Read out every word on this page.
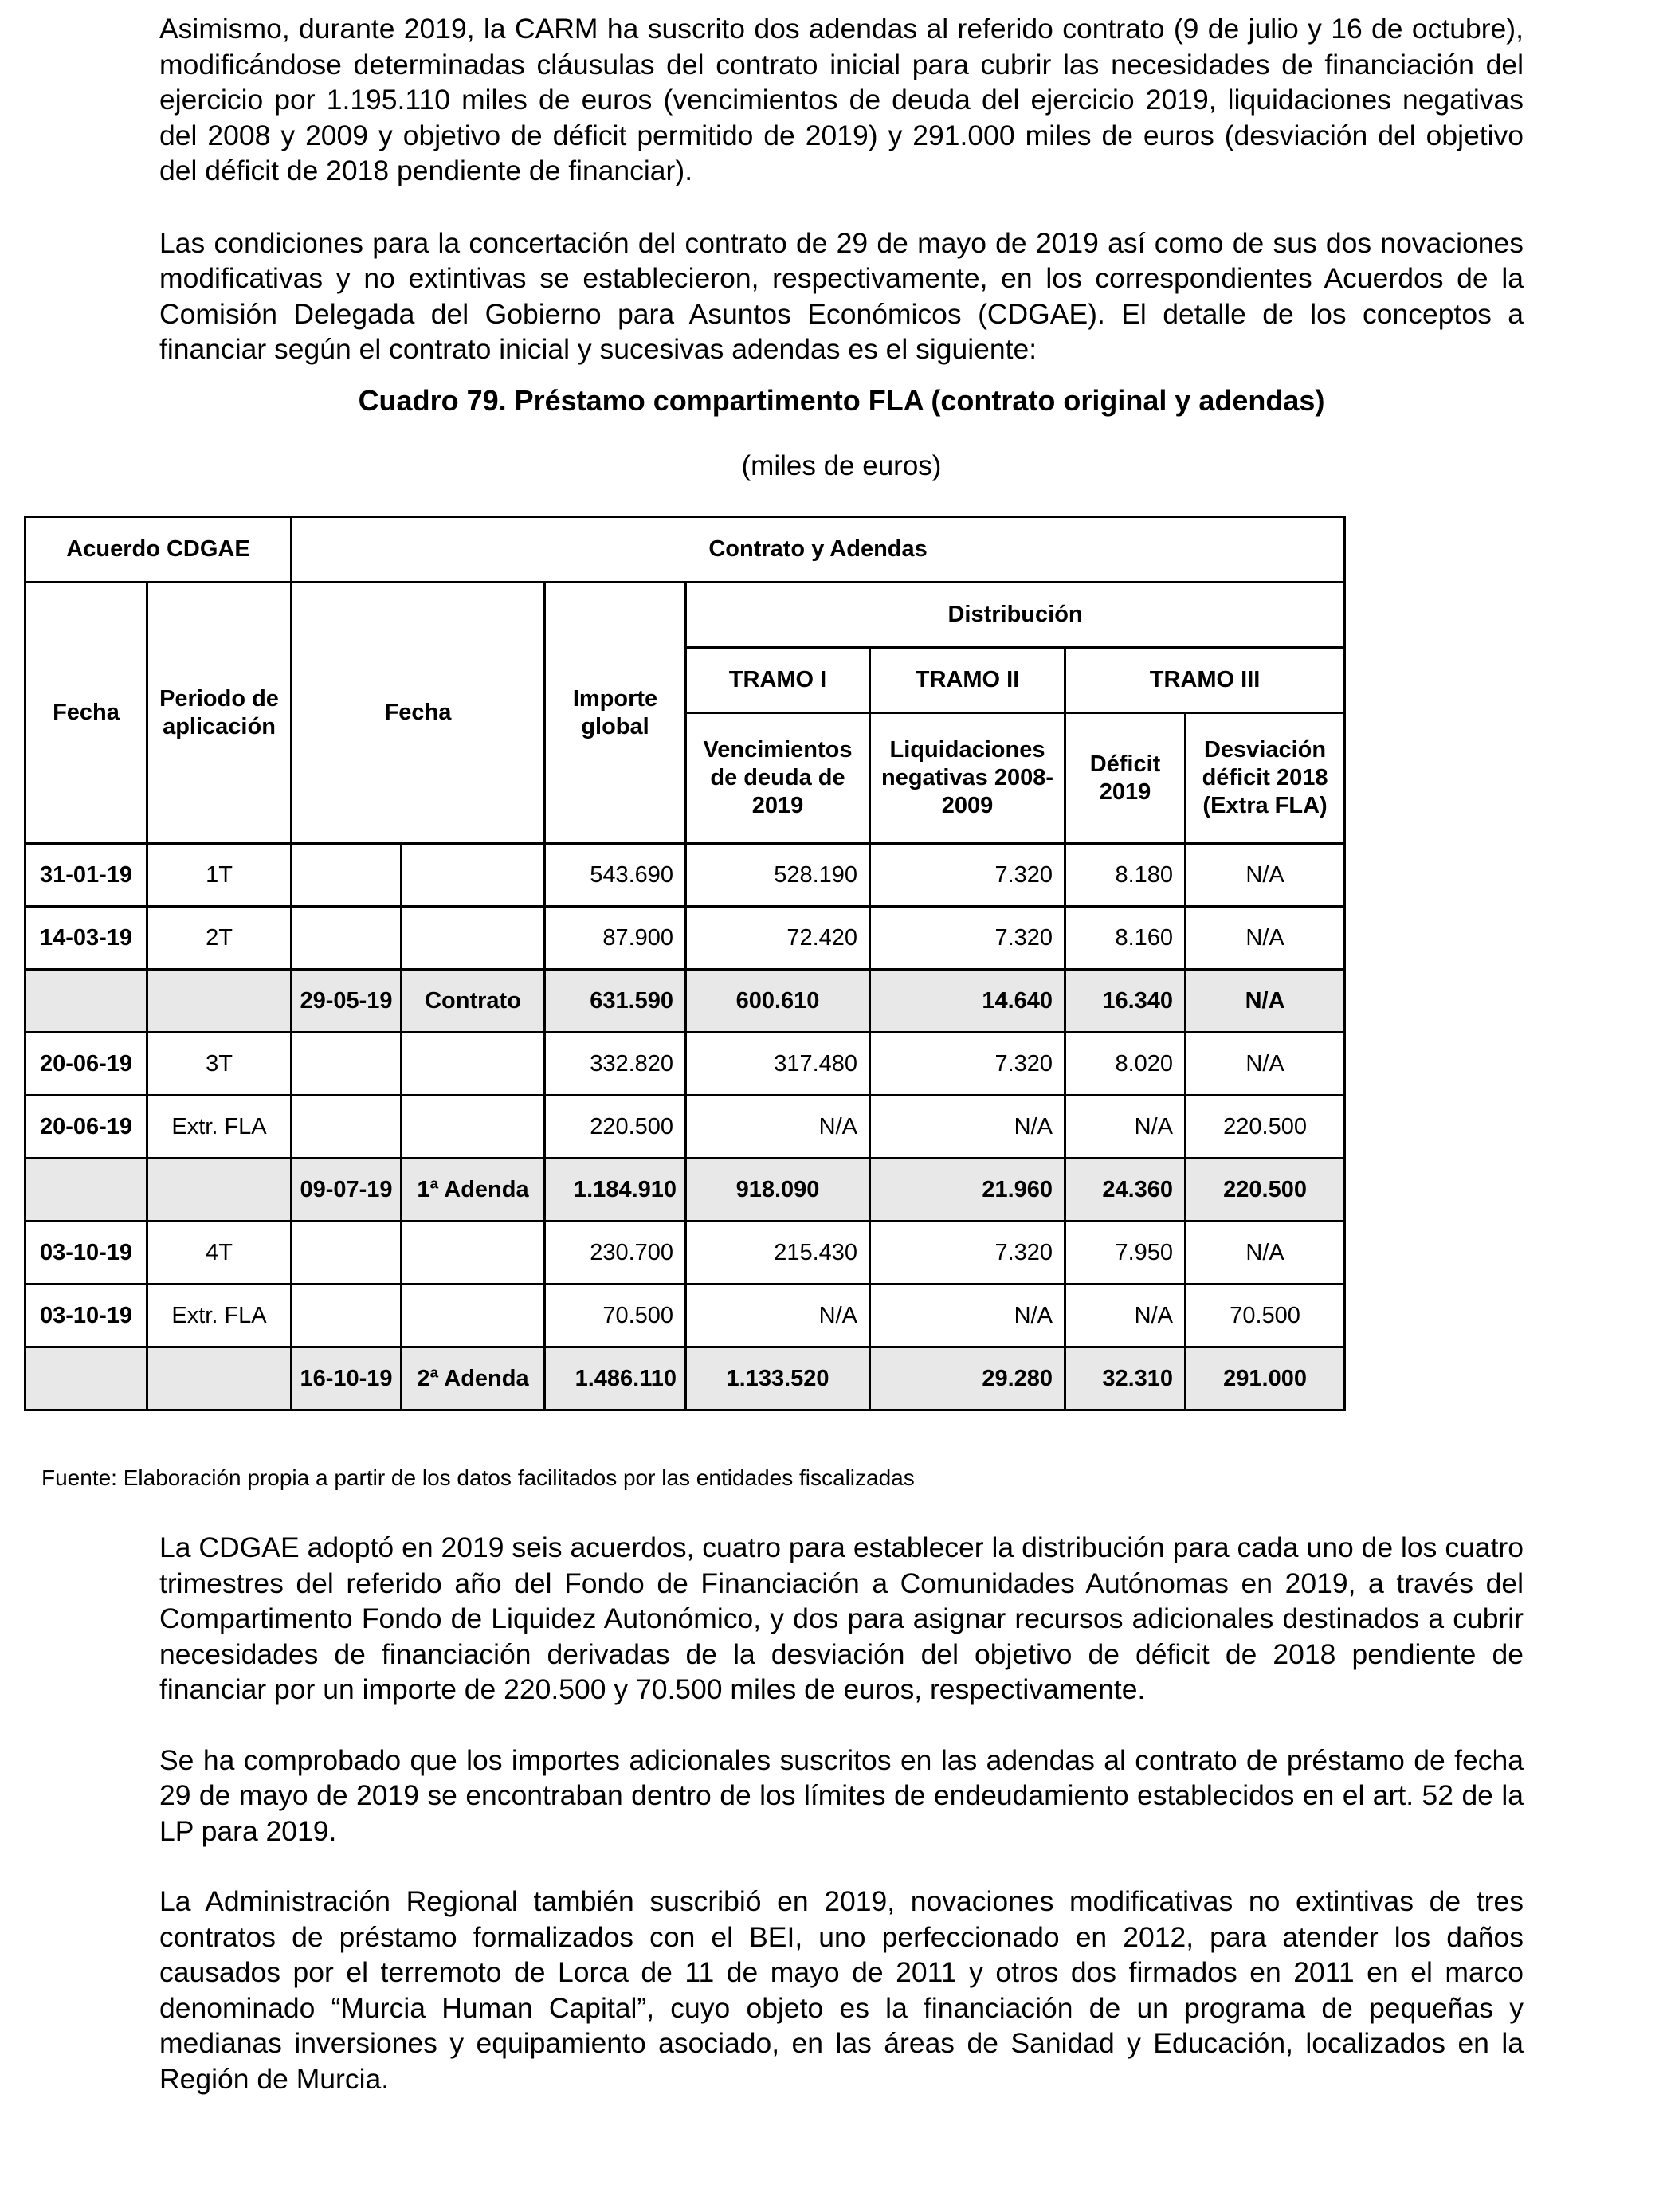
Asimismo, durante 2019, la CARM ha suscrito dos adendas al referido contrato (9 de julio y 16 de octubre), modificándose determinadas cláusulas del contrato inicial para cubrir las necesidades de financiación del ejercicio por 1.195.110 miles de euros (vencimientos de deuda del ejercicio 2019, liquidaciones negativas del 2008 y 2009 y objetivo de déficit permitido de 2019) y 291.000 miles de euros (desviación del objetivo del déficit de 2018 pendiente de financiar).

Las condiciones para la concertación del contrato de 29 de mayo de 2019 así como de sus dos novaciones modificativas y no extintivas se establecieron, respectivamente, en los correspondientes Acuerdos de la Comisión Delegada del Gobierno para Asuntos Económicos (CDGAE). El detalle de los conceptos a financiar según el contrato inicial y sucesivas adendas es el siguiente:

Cuadro 79. Préstamo compartimento FLA (contrato original y adendas)

(miles de euros)

Acuerdo CDGAE		Contrato y Adendas						
Fecha	Periodo de aplicación	Fecha		Importe global	Distribución			
					TRAMO I	TRAMO II	TRAMO III	
					Vencimientos de deuda de 2019	Liquidaciones negativas 2008-2009	Déficit 2019	Desviación déficit 2018 (Extra FLA)
31-01-19	1T			543.690	528.190	7.320	8.180	N/A
14-03-19	2T			87.900	72.420	7.320	8.160	N/A
		29-05-19	Contrato	631.590	600.610	14.640	16.340	N/A
20-06-19	3T			332.820	317.480	7.320	8.020	N/A
20-06-19	Extr. FLA			220.500	N/A	N/A	N/A	220.500
		09-07-19	1ª Adenda	1.184.910	918.090	21.960	24.360	220.500
03-10-19	4T			230.700	215.430	7.320	7.950	N/A
03-10-19	Extr. FLA			70.500	N/A	N/A	N/A	70.500
		16-10-19	2ª Adenda	1.486.110	1.133.520	29.280	32.310	291.000
Fuente: Elaboración propia a partir de los datos facilitados por las entidades fiscalizadas

La CDGAE adoptó en 2019 seis acuerdos, cuatro para establecer la distribución para cada uno de los cuatro trimestres del referido año del Fondo de Financiación a Comunidades Autónomas en 2019, a través del Compartimento Fondo de Liquidez Autonómico, y dos para asignar recursos adicionales destinados a cubrir necesidades de financiación derivadas de la desviación del objetivo de déficit de 2018 pendiente de financiar por un importe de 220.500 y 70.500 miles de euros, respectivamente.

Se ha comprobado que los importes adicionales suscritos en las adendas al contrato de préstamo de fecha 29 de mayo de 2019 se encontraban dentro de los límites de endeudamiento establecidos en el art. 52 de la LP para 2019.

La Administración Regional también suscribió en 2019, novaciones modificativas no extintivas de tres contratos de préstamo formalizados con el BEI, uno perfeccionado en 2012, para atender los daños causados por el terremoto de Lorca de 11 de mayo de 2011 y otros dos firmados en 2011 en el marco denominado “Murcia Human Capital”, cuyo objeto es la financiación de un programa de pequeñas y medianas inversiones y equipamiento asociado, en las áreas de Sanidad y Educación, localizados en la Región de Murcia.
